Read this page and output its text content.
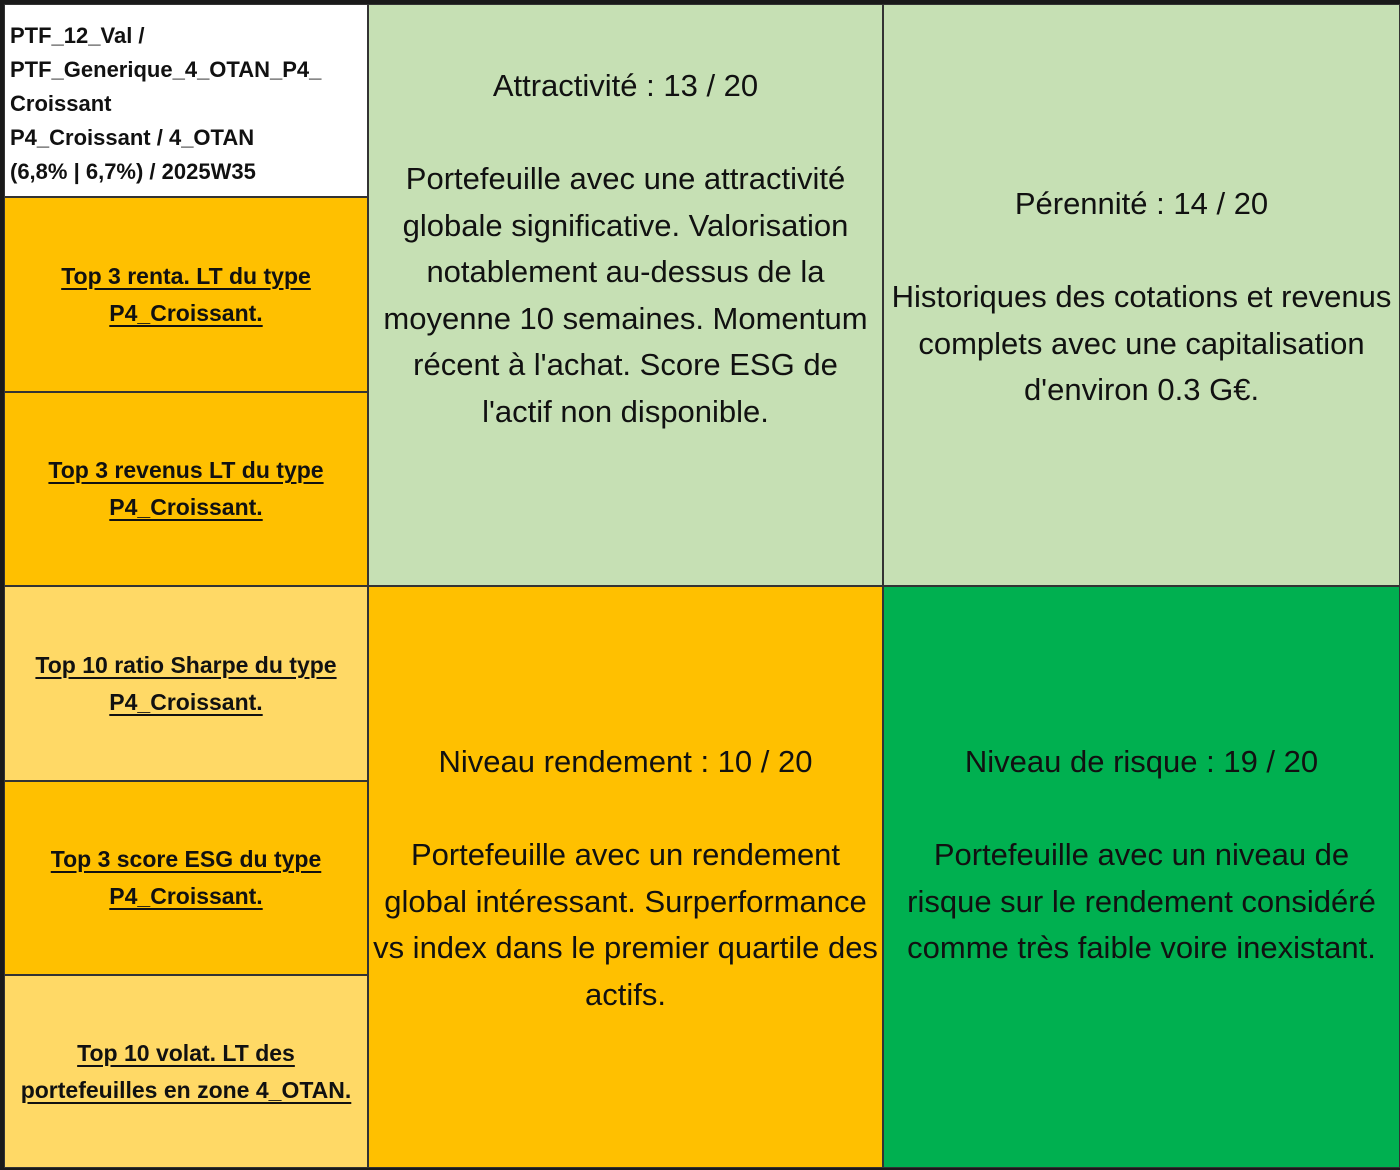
PTF_12_Val /
PTF_Generique_4_OTAN_P4_
Croissant
P4_Croissant / 4_OTAN
(6,8% | 6,7%) / 2025W35
Top 3 renta. LT du type P4_Croissant.
Top 3 revenus LT du type P4_Croissant.
Top 10 ratio Sharpe du type P4_Croissant.
Top 3 score ESG du type P4_Croissant.
Top 10 volat. LT des portefeuilles en zone 4_OTAN.
Attractivité : 13 / 20
Portefeuille avec une attractivité globale significative. Valorisation notablement au-dessus de la moyenne 10 semaines. Momentum récent à l'achat. Score ESG de l'actif non disponible.
Pérennité : 14 / 20
Historiques des cotations et revenus complets avec une capitalisation d'environ 0.3 G€.
Niveau rendement : 10 / 20
Portefeuille avec un rendement global intéressant. Surperformance vs index dans le premier quartile des actifs.
Niveau de risque : 19 / 20
Portefeuille avec un niveau de risque sur le rendement considéré comme très faible voire inexistant.
